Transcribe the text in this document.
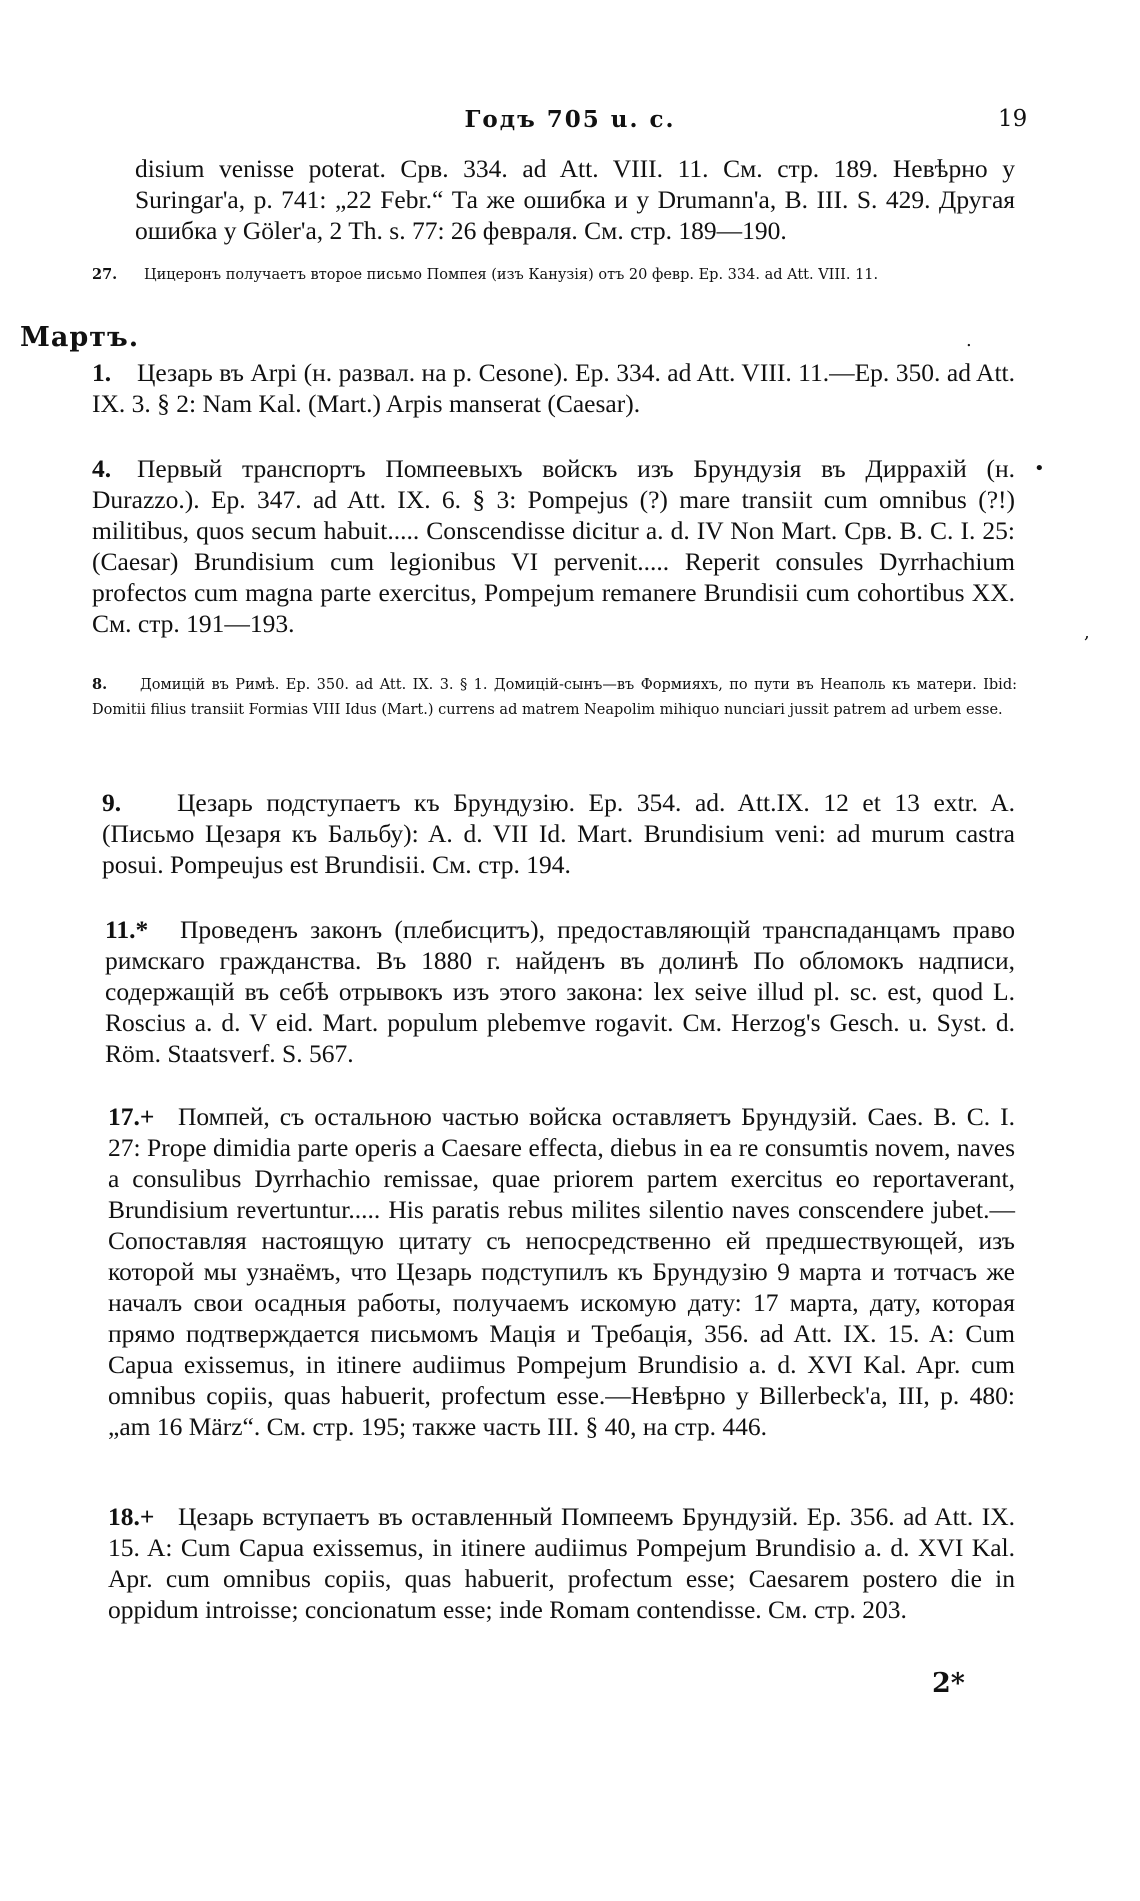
Годъ 705 u. c.	19
disium venisse poterat. Срв. 334. ad Att. VIII. 11. См. стр. 189. Невѣрно у Suringar'a, p. 741: „22 Febr.“ Та же ошибка и у Drumann'a, B. III. S. 429. Другая ошибка у Göler'a, 2 Th. s. 77: 26 февраля. См. стр. 189—190.
27. Цицеронъ получаетъ второе письмо Помпея (изъ Канузія) отъ 20 февр. Ep. 334. ad Att. VIII. 11.
Мартъ.
1. Цезарь въ Arpi (н. развал. на р. Cesone). Ep. 334. ad Att. VIII. 11.—Ep. 350. ad Att. IX. 3. § 2: Nam Kal. (Mart.) Arpis manserat (Caesar).
4. Первый транспортъ Помпеевыхъ войскъ изъ Брундузія въ Диррахій (н. Durazzo.). Ep. 347. ad Att. IX. 6. § 3: Pompejus (?) mare transiit cum omnibus (?!) militibus, quos secum habuit..... Conscendisse dicitur a. d. IV Non Mart. Срв. B. C. I. 25: (Caesar) Brundisium cum legionibus VI pervenit..... Reperit consules Dyrrhachium profectos cum magna parte exercitus, Pompejum remanere Brundisii cum cohortibus XX. См. стр. 191—193.
8. Домицій въ Римѣ. Ep. 350. ad Att. IX. 3. § 1. Домицій-сынъ—въ Формияхъ, по пути въ Неаполь къ матери. Ibid: Domitii filius transiit Formias VIII Idus (Mart.) currens ad matrem Neapolim mihiquo nunciari jussit patrem ad urbem esse.
9. Цезарь подступаетъ къ Брундузію. Ep. 354. ad. Att.IX. 12 et 13 extr. A. (Письмо Цезаря къ Бальбу): A. d. VII Id. Mart. Brundisium veni: ad murum castra posui. Pompeujus est Brundisii. См. стр. 194.
11.* Проведенъ законъ (плебисцитъ), предоставляющій транспаданцамъ право римскаго гражданства. Въ 1880 г. найденъ въ долинѣ По обломокъ надписи, содержащій въ себѣ отрывокъ изъ этого закона: lex seive illud pl. sc. est, quod L. Roscius a. d. V eid. Mart. populum plebemve rogavit. См. Herzog's Gesch. u. Syst. d. Röm. Staatsverf. S. 567.
17.+ Помпей, съ остальною частью войска оставляетъ Брундузій. Caes. B. C. I. 27: Prope dimidia parte operis a Caesare effecta, diebus in ea re consumtis novem, naves a consulibus Dyrrhachio remissae, quae priorem partem exercitus eo reportaverant, Brundisium revertuntur..... His paratis rebus milites silentio naves conscendere jubet.—Сопоставляя настоящую цитату съ непосредственно ей предшествующей, изъ которой мы узнаёмъ, что Цезарь подступилъ къ Брундузію 9 марта и тотчасъ же началъ свои осадныя работы, получаемъ искомую дату: 17 марта, дату, которая прямо подтверждается письмомъ Мація и Требація, 356. ad Att. IX. 15. A: Cum Capua exissemus, in itinere audiimus Pompejum Brundisio a. d. XVI Kal. Apr. cum omnibus copiis, quas habuerit, profectum esse.—Невѣрно у Billerbeck'a, III, p. 480: „am 16 März“. См. стр. 195; также часть III. § 40, на стр. 446.
18.+ Цезарь вступаетъ въ оставленный Помпеемъ Брундузій. Ep. 356. ad Att. IX. 15. A: Cum Capua exissemus, in itinere audiimus Pompejum Brundisio a. d. XVI Kal. Apr. cum omnibus copiis, quas habuerit, profectum esse; Caesarem postero die in oppidum introisse; concionatum esse; inde Romam contendisse. См. стр. 203.
2*
•
,
.
